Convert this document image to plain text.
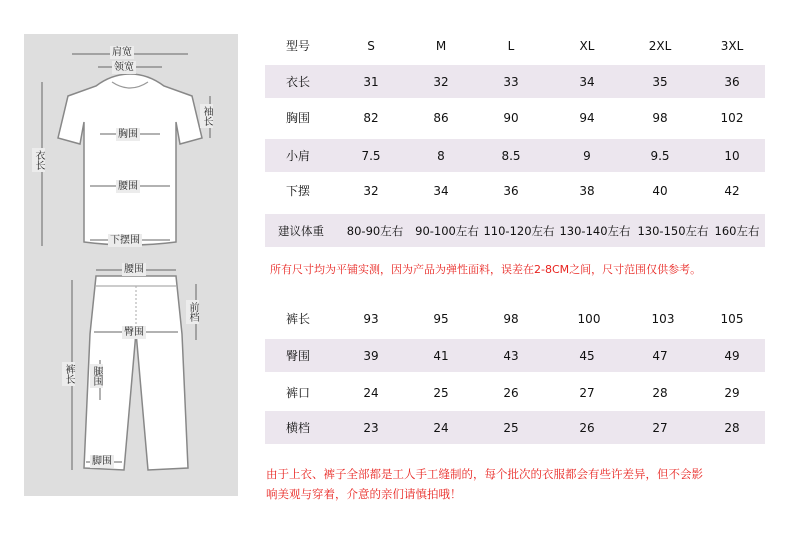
肩宽
领宽
袖长
衣长
胸围
腰围
下摆围
腰围
前档
臀围
腿围
裤长
脚围
型号	S	M	L	XL	2XL	3XL
衣长	31	32	33	34	35	36
胸围	82	86	90	94	98	102
小肩	7.5	8	8.5	9	9.5	10
下摆	32	34	36	38	40	42
建议体重	80-90左右	90-100左右 110-120左右 130-140左右 130-150左右 160左右
所有尺寸均为平铺实测，因为产品为弹性面料，误差在2-8CM之间，尺寸范围仅供参考。
裤长	93	95	98	100	103	105
臀围	39	41	43	45	47	49
裤口	24	25	26	27	28	29
横档	23	24	25	26	27	28
由于上衣、裤子全部都是工人手工缝制的，每个批次的衣服都会有些许差异，但不会影
响美观与穿着，介意的亲们请慎拍哦！
